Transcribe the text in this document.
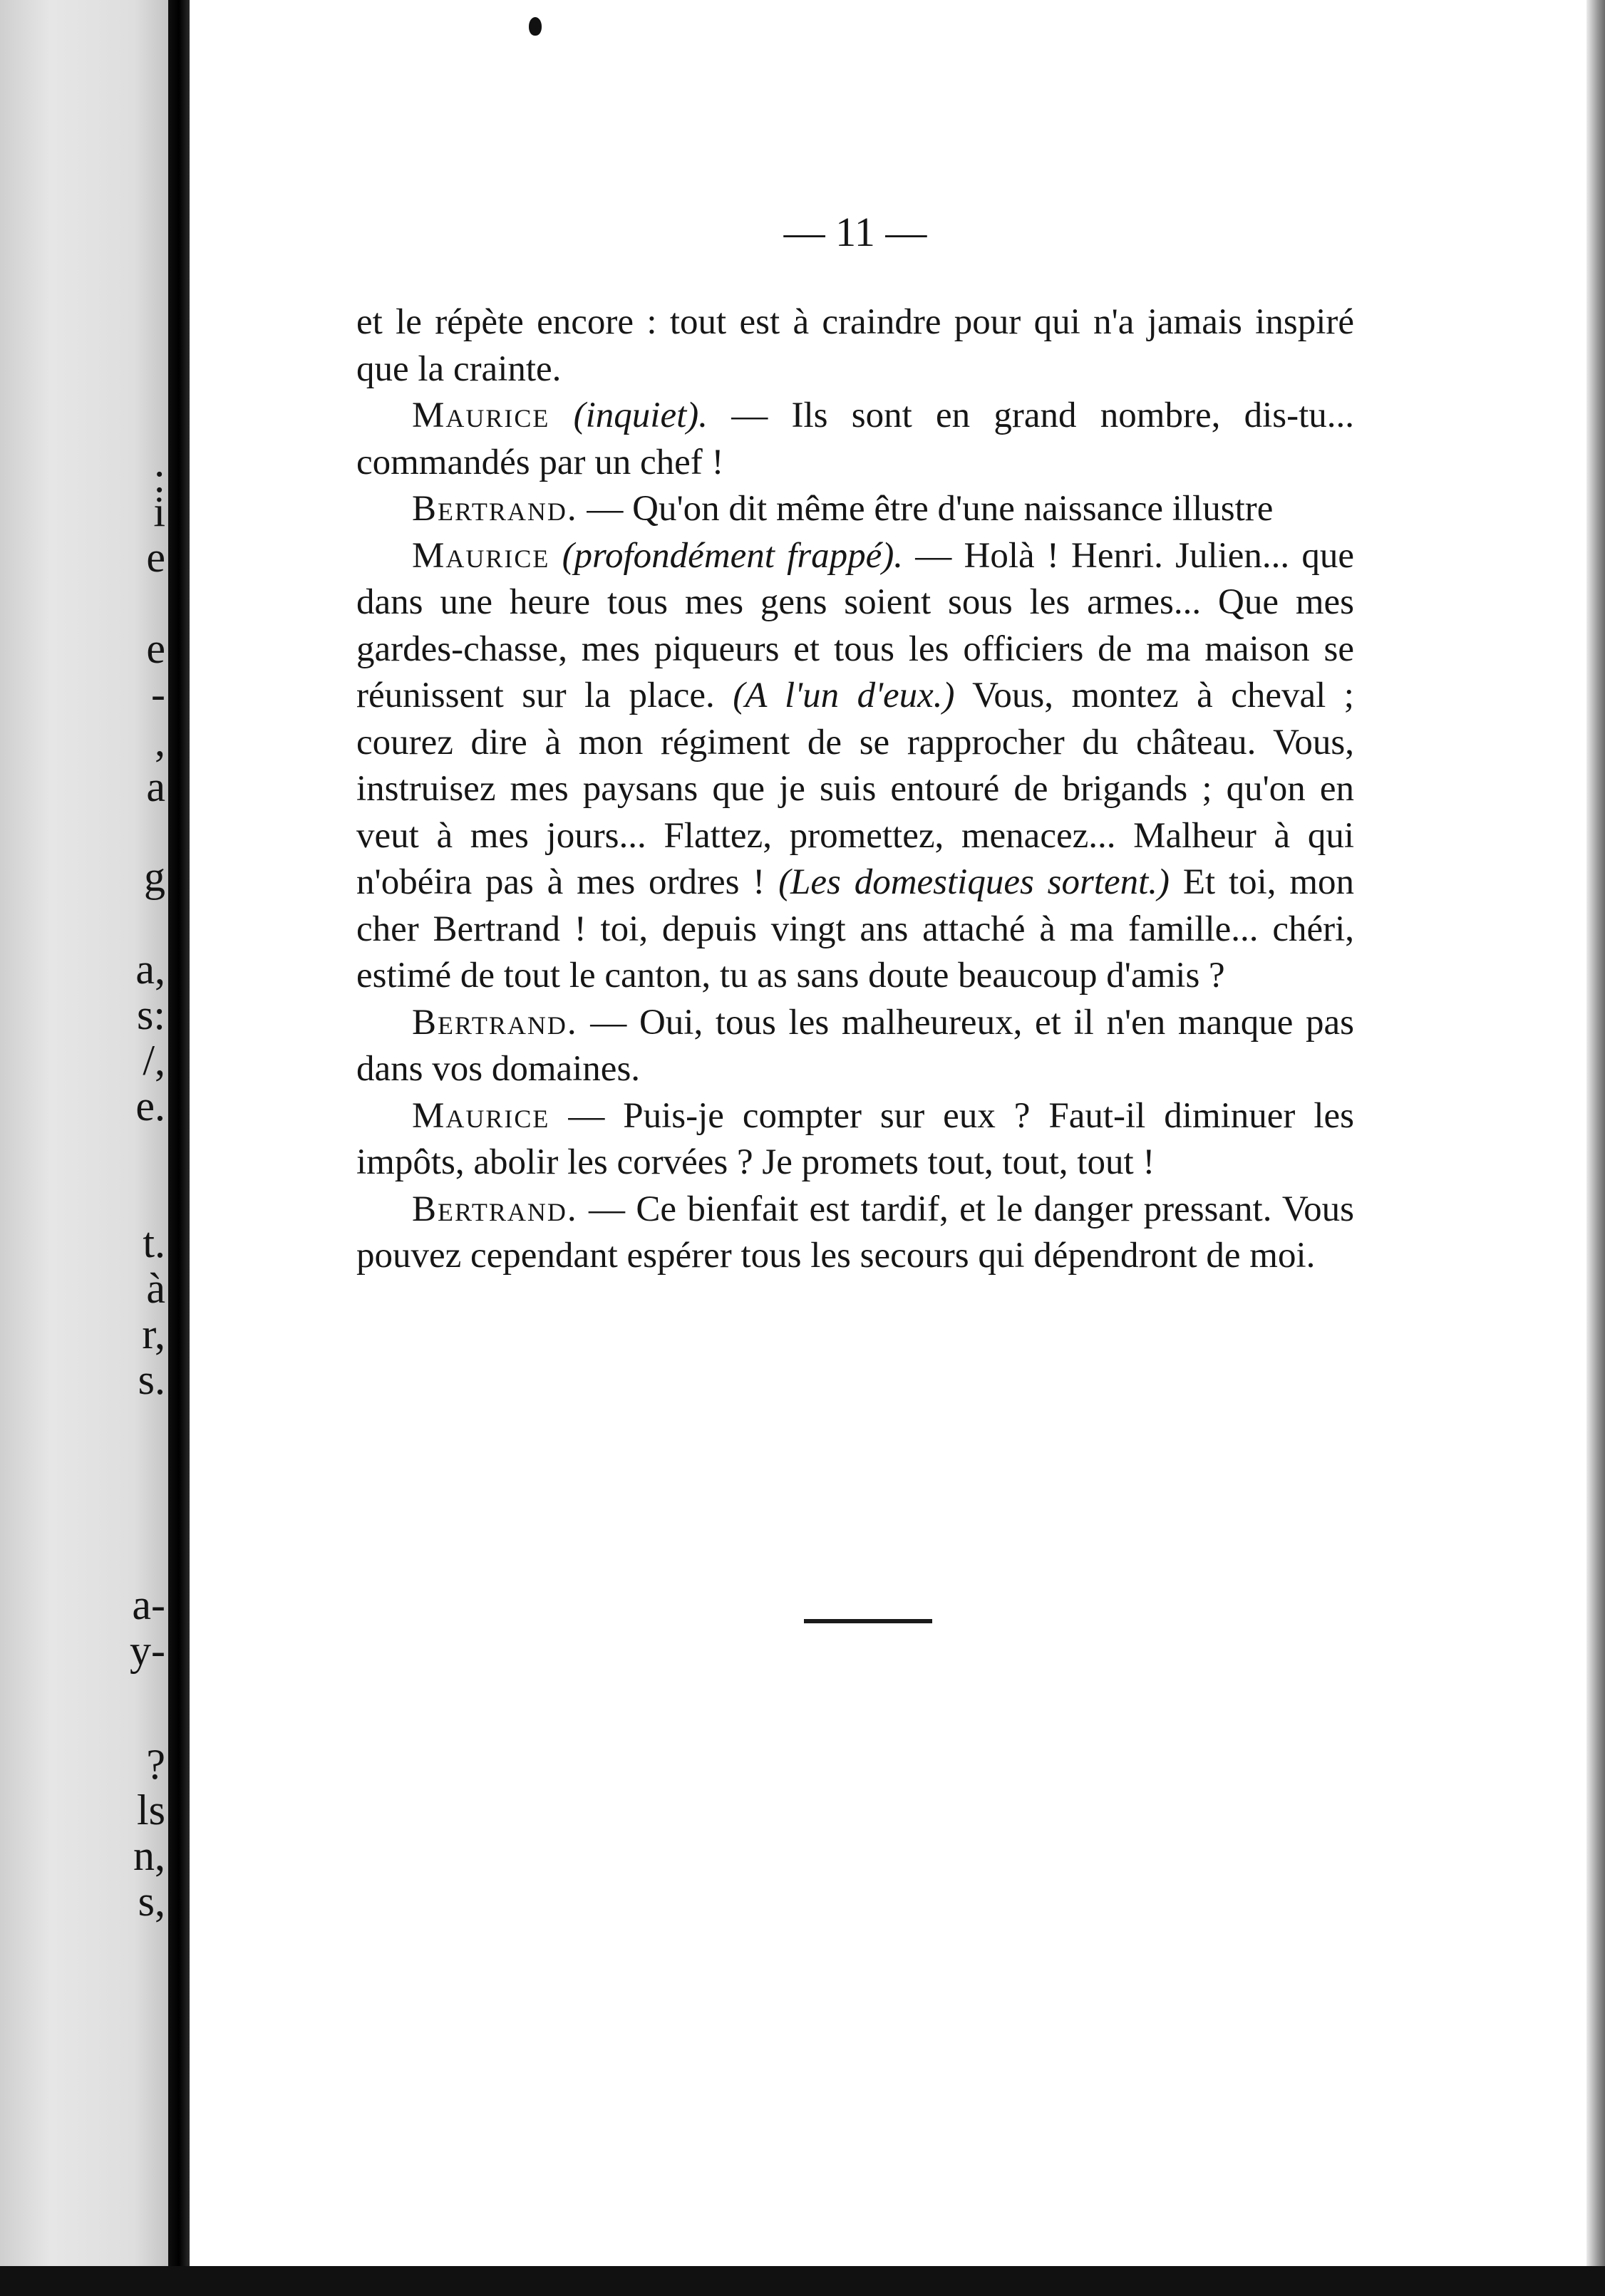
:
i
e
e
-
,
a
g
a,
s:
/,
e.
t.
à
r,
s.
a-
y-
?
ls
n,
s,
— 11 —

et le répète encore : tout est à craindre pour qui n'a jamais inspiré que la crainte.

Maurice (inquiet). — Ils sont en grand nombre, dis-tu... commandés par un chef !

Bertrand. — Qu'on dit même être d'une naissance illustre

Maurice (profondément frappé). — Holà ! Henri. Julien... que dans une heure tous mes gens soient sous les armes... Que mes gardes-chasse, mes piqueurs et tous les officiers de ma maison se réunissent sur la place. (A l'un d'eux.) Vous, montez à cheval ; courez dire à mon régiment de se rapprocher du château. Vous, instruisez mes paysans que je suis entouré de brigands ; qu'on en veut à mes jours... Flattez, promettez, menacez... Malheur à qui n'obéira pas à mes ordres ! (Les domestiques sortent.) Et toi, mon cher Bertrand ! toi, depuis vingt ans attaché à ma famille... chéri, estimé de tout le canton, tu as sans doute beaucoup d'amis ?

Bertrand. — Oui, tous les malheureux, et il n'en manque pas dans vos domaines.

Maurice — Puis-je compter sur eux ? Faut-il diminuer les impôts, abolir les corvées ? Je promets tout, tout, tout !

Bertrand. — Ce bienfait est tardif, et le danger pressant. Vous pouvez cependant espérer tous les secours qui dépendront de moi.
